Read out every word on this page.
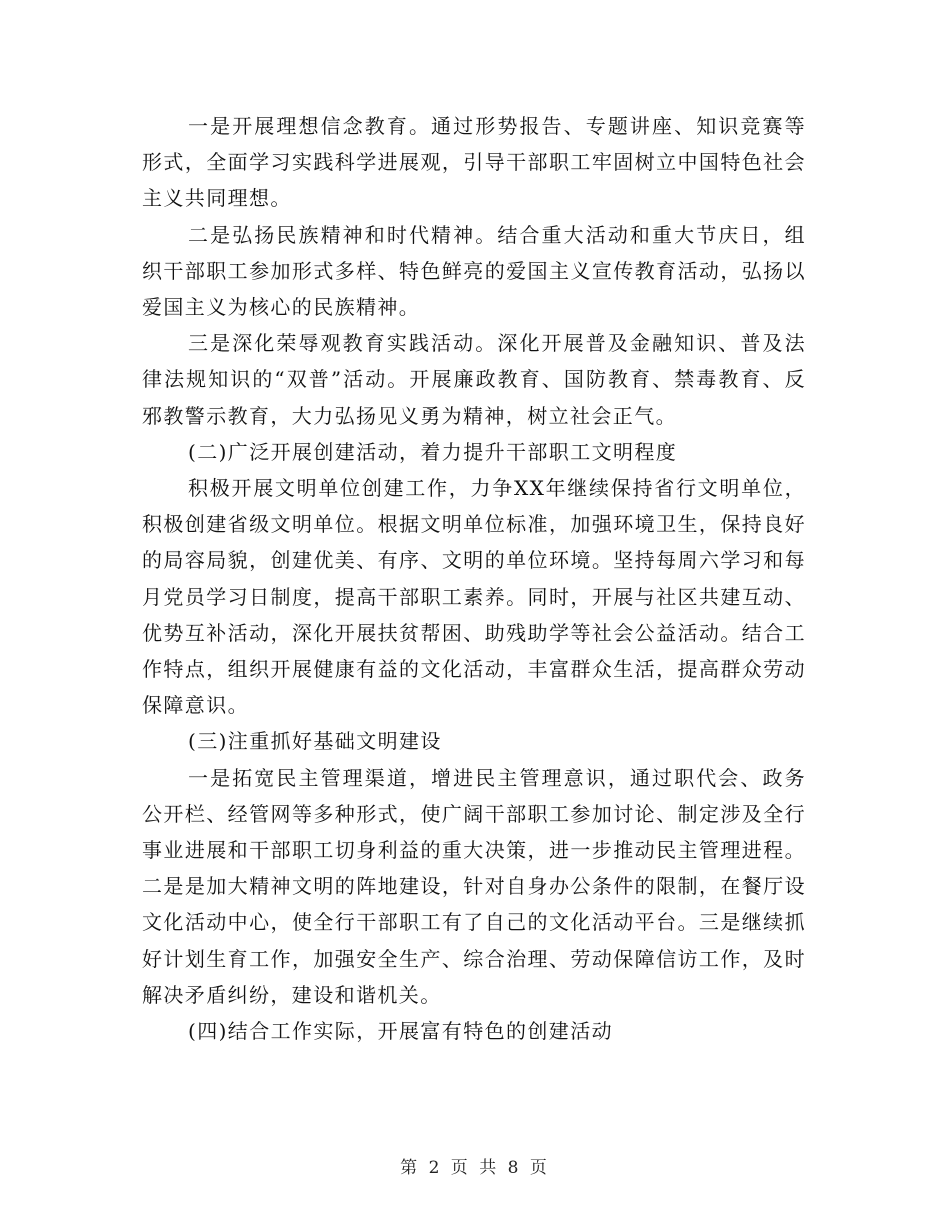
一是开展理想信念教育。通过形势报告、专题讲座、知识竞赛等形式，全面学习实践科学进展观，引导干部职工牢固树立中国特色社会主义共同理想。

二是弘扬民族精神和时代精神。结合重大活动和重大节庆日，组织干部职工参加形式多样、特色鲜亮的爱国主义宣传教育活动，弘扬以爱国主义为核心的民族精神。

三是深化荣辱观教育实践活动。深化开展普及金融知识、普及法律法规知识的“双普”活动。开展廉政教育、国防教育、禁毒教育、反邪教警示教育，大力弘扬见义勇为精神，树立社会正气。

(二)广泛开展创建活动，着力提升干部职工文明程度

积极开展文明单位创建工作，力争XX年继续保持省行文明单位，积极创建省级文明单位。根据文明单位标准，加强环境卫生，保持良好的局容局貌，创建优美、有序、文明的单位环境。坚持每周六学习和每月党员学习日制度，提高干部职工素养。同时，开展与社区共建互动、优势互补活动，深化开展扶贫帮困、助残助学等社会公益活动。结合工作特点，组织开展健康有益的文化活动，丰富群众生活，提高群众劳动保障意识。

(三)注重抓好基础文明建设

一是拓宽民主管理渠道，增进民主管理意识，通过职代会、政务公开栏、经管网等多种形式，使广阔干部职工参加讨论、制定涉及全行事业进展和干部职工切身利益的重大决策，进一步推动民主管理进程。二是是加大精神文明的阵地建设，针对自身办公条件的限制，在餐厅设文化活动中心，使全行干部职工有了自己的文化活动平台。三是继续抓好计划生育工作，加强安全生产、综合治理、劳动保障信访工作，及时解决矛盾纠纷，建设和谐机关。

(四)结合工作实际，开展富有特色的创建活动

第 2 页 共 8 页
